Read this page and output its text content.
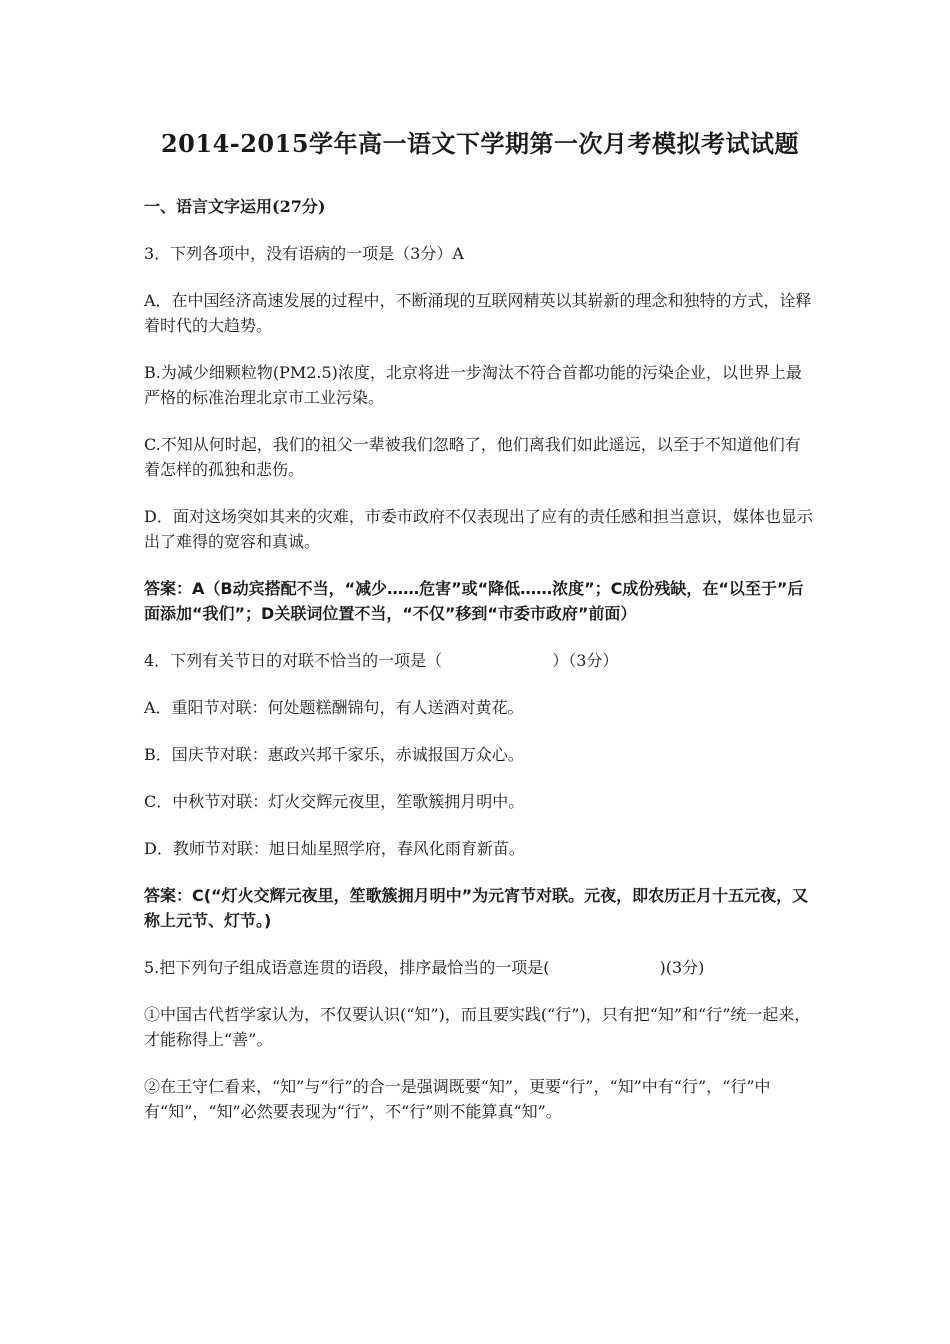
2014-2015学年高一语文下学期第一次月考模拟考试试题
一、语言文字运用(27分)

3．下列各项中，没有语病的一项是（3分）A

A．在中国经济高速发展的过程中，不断涌现的互联网精英以其崭新的理念和独特的方式，诠释着时代的大趋势。

B.为减少细颗粒物(PM2.5)浓度，北京将进一步淘汰不符合首都功能的污染企业，以世界上最严格的标准治理北京市工业污染。

C.不知从何时起，我们的祖父一辈被我们忽略了，他们离我们如此遥远，以至于不知道他们有着怎样的孤独和悲伤。

D．面对这场突如其来的灾难，市委市政府不仅表现出了应有的责任感和担当意识，媒体也显示出了难得的宽容和真诚。

答案：A（B动宾搭配不当，“减少……危害”或“降低……浓度”；C成份残缺，在“以至于”后面添加“我们”；D关联词位置不当，“不仅”移到“市委市政府”前面）

4．下列有关节日的对联不恰当的一项是（	）（3分）

A．重阳节对联：何处题糕酬锦句，有人送酒对黄花。

B．国庆节对联：惠政兴邦千家乐，赤诚报国万众心。

C．中秋节对联：灯火交辉元夜里，笙歌簇拥月明中。

D．教师节对联：旭日灿星照学府，春风化雨育新苗。

答案：C(“灯火交辉元夜里，笙歌簇拥月明中”为元宵节对联。元夜，即农历正月十五元夜，又称上元节、灯节。)

5.把下列句子组成语意连贯的语段，排序最恰当的一项是(	)(3分)

①中国古代哲学家认为，不仅要认识(“知”)，而且要实践(“行”)，只有把“知”和“行”统一起来，才能称得上“善”。

②在王守仁看来，“知”与“行”的合一是强调既要“知”，更要“行”，“知”中有“行”，“行”中有“知”，“知”必然要表现为“行”，不“行”则不能算真“知”。
